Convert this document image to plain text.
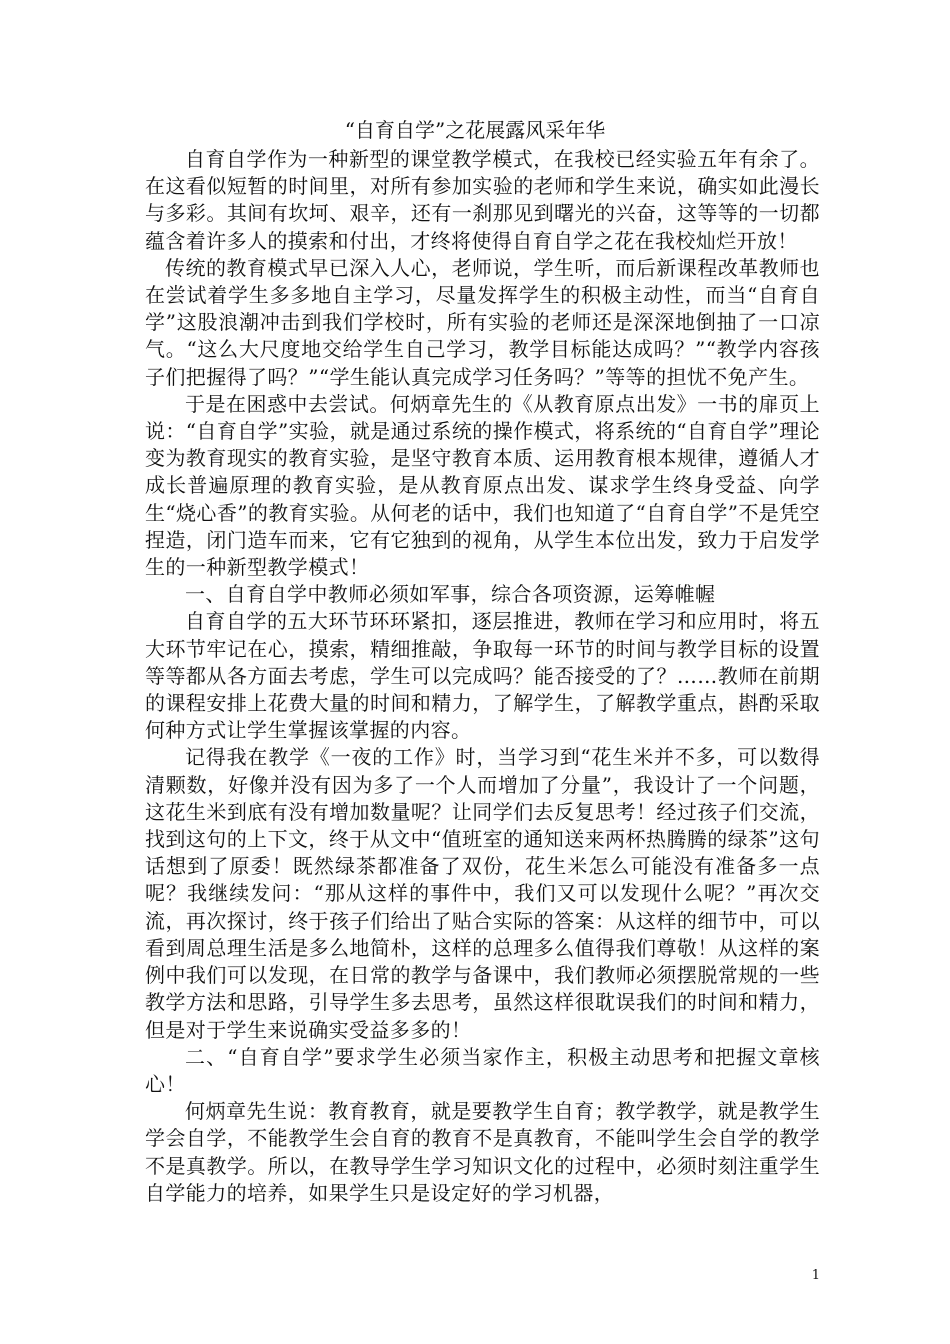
“自育自学”之花展露风采年华

自育自学作为一种新型的课堂教学模式，在我校已经实验五年有余了。在这看似短暂的时间里，对所有参加实验的老师和学生来说，确实如此漫长与多彩。其间有坎坷、艰辛，还有一刹那见到曙光的兴奋，这等等的一切都蕴含着许多人的摸索和付出，才终将使得自育自学之花在我校灿烂开放！

传统的教育模式早已深入人心，老师说，学生听，而后新课程改革教师也在尝试着学生多多地自主学习，尽量发挥学生的积极主动性，而当“自育自学”这股浪潮冲击到我们学校时，所有实验的老师还是深深地倒抽了一口凉气。“这么大尺度地交给学生自己学习，教学目标能达成吗？”“教学内容孩子们把握得了吗？”“学生能认真完成学习任务吗？”等等的担忧不免产生。

于是在困惑中去尝试。何炳章先生的《从教育原点出发》一书的扉页上说：“自育自学”实验，就是通过系统的操作模式，将系统的“自育自学”理论变为教育现实的教育实验，是坚守教育本质、运用教育根本规律，遵循人才成长普遍原理的教育实验，是从教育原点出发、谋求学生终身受益、向学生“烧心香”的教育实验。从何老的话中，我们也知道了“自育自学”不是凭空捏造，闭门造车而来，它有它独到的视角，从学生本位出发，致力于启发学生的一种新型教学模式！

一、自育自学中教师必须如军事，综合各项资源，运筹帷幄

自育自学的五大环节环环紧扣，逐层推进，教师在学习和应用时，将五大环节牢记在心，摸索，精细推敲，争取每一环节的时间与教学目标的设置等等都从各方面去考虑，学生可以完成吗？能否接受的了？……教师在前期的课程安排上花费大量的时间和精力，了解学生，了解教学重点，斟酌采取何种方式让学生掌握该掌握的内容。

记得我在教学《一夜的工作》时，当学习到“花生米并不多，可以数得清颗数，好像并没有因为多了一个人而增加了分量”，我设计了一个问题，这花生米到底有没有增加数量呢？让同学们去反复思考！经过孩子们交流，找到这句的上下文，终于从文中“值班室的通知送来两杯热腾腾的绿茶”这句话想到了原委！既然绿茶都准备了双份，花生米怎么可能没有准备多一点呢？我继续发问：“那从这样的事件中，我们又可以发现什么呢？”再次交流，再次探讨，终于孩子们给出了贴合实际的答案：从这样的细节中，可以看到周总理生活是多么地简朴，这样的总理多么值得我们尊敬！从这样的案例中我们可以发现，在日常的教学与备课中，我们教师必须摆脱常规的一些教学方法和思路，引导学生多去思考，虽然这样很耽误我们的时间和精力，但是对于学生来说确实受益多多的！

二、“自育自学”要求学生必须当家作主，积极主动思考和把握文章核心！

何炳章先生说：教育教育，就是要教学生自育；教学教学，就是教学生学会自学，不能教学生会自育的教育不是真教育，不能叫学生会自学的教学不是真教学。所以，在教导学生学习知识文化的过程中，必须时刻注重学生自学能力的培养，如果学生只是设定好的学习机器，

1
